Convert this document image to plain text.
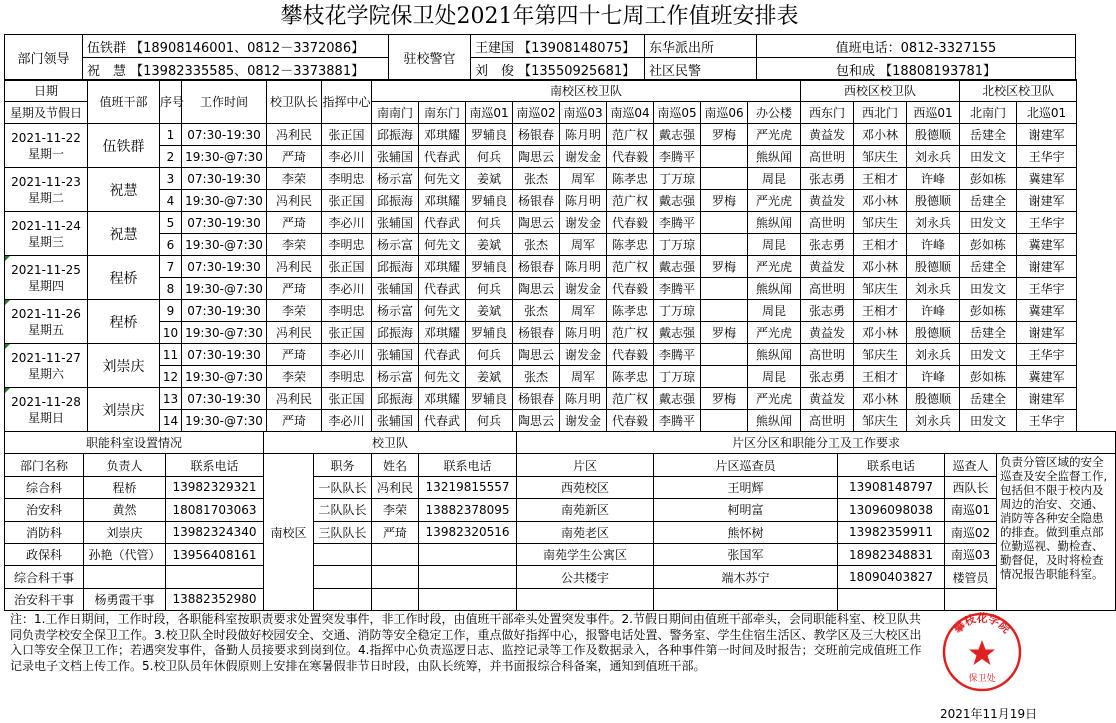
攀枝花学院保卫处2021年第四十七周工作值班安排表
部门领导	伍铁群 【18908146001、0812－3372086】	驻校警官	王建国 【13908148075】	东华派出所	值班电话：0812-3327155
	祝　慧 【13982335585、0812－3373881】		刘　俊 【13550925681】	社区民警	包和成 【18808193781】
日期	值班干部	序号	工作时间	校卫队长	指挥中心	南校区校卫队									西校区校卫队			北校区校卫队	
星期及节假日						南南门	南东门	南巡01	南巡02	南巡03	南巡04	南巡05	南巡06	办公楼	西东门	西北门	西巡01	北南门	北巡01
2021-11-22
星期一	伍铁群	1	07:30-19:30	冯利民	张正国	邱振海	邓琪耀	罗辅良	杨银春	陈月明	范广权	戴志强	罗梅	严光虎	黄益发	邓小林	殷德顺	岳建全	谢建军
		2	19:30-@7:30	严琦	李必川	张辅国	代春武	何兵	陶思云	谢发金	代春毅	李腾平		熊纵闻	高世明	邹庆生	刘永兵	田发文	王华宇
2021-11-23
星期二	祝慧	3	07:30-19:30	李荣	李明忠	杨示富	何先文	姜斌	张杰	周军	陈孝忠	丁万琼		周昆	张志勇	王相才	许峰	彭如栋	冀建军
		4	19:30-@7:30	冯利民	张正国	邱振海	邓琪耀	罗辅良	杨银春	陈月明	范广权	戴志强	罗梅	严光虎	黄益发	邓小林	殷德顺	岳建全	谢建军
2021-11-24
星期三	祝慧	5	07:30-19:30	严琦	李必川	张辅国	代春武	何兵	陶思云	谢发金	代春毅	李腾平		熊纵闻	高世明	邹庆生	刘永兵	田发文	王华宇
		6	19:30-@7:30	李荣	李明忠	杨示富	何先文	姜斌	张杰	周军	陈孝忠	丁万琼		周昆	张志勇	王相才	许峰	彭如栋	冀建军

2021-11-25
星期四	程桥	7	07:30-19:30	冯利民	张正国	邱振海	邓琪耀	罗辅良	杨银春	陈月明	范广权	戴志强	罗梅	严光虎	黄益发	邓小林	殷德顺	岳建全	谢建军
		8	19:30-@7:30	严琦	李必川	张辅国	代春武	何兵	陶思云	谢发金	代春毅	李腾平		熊纵闻	高世明	邹庆生	刘永兵	田发文	王华宇

2021-11-26
星期五	程桥	9	07:30-19:30	李荣	李明忠	杨示富	何先文	姜斌	张杰	周军	陈孝忠	丁万琼		周昆	张志勇	王相才	许峰	彭如栋	冀建军
		10	19:30-@7:30	冯利民	张正国	邱振海	邓琪耀	罗辅良	杨银春	陈月明	范广权	戴志强	罗梅	严光虎	黄益发	邓小林	殷德顺	岳建全	谢建军

2021-11-27
星期六	刘崇庆	11	07:30-19:30	严琦	李必川	张辅国	代春武	何兵	陶思云	谢发金	代春毅	李腾平		熊纵闻	高世明	邹庆生	刘永兵	田发文	王华宇
		12	19:30-@7:30	李荣	李明忠	杨示富	何先文	姜斌	张杰	周军	陈孝忠	丁万琼		周昆	张志勇	王相才	许峰	彭如栋	冀建军

2021-11-28
星期日	刘崇庆	13	07:30-19:30	冯利民	张正国	邱振海	邓琪耀	罗辅良	杨银春	陈月明	范广权	戴志强	罗梅	严光虎	黄益发	邓小林	殷德顺	岳建全	谢建军
		14	19:30-@7:30	严琦	李必川	张辅国	代春武	何兵	陶思云	谢发金	代春毅	李腾平		熊纵闻	高世明	邹庆生	刘永兵	田发文	王华宇
职能科室设置情况			校卫队				片区分区和职能分工及工作要求				
部门名称	负责人	联系电话	南校区	职务	姓名	联系电话	片区	片区巡查员	联系电话	巡查人	负责分管区域的安全巡查及安全监督工作,包括但不限于校内及周边的治安、交通、消防等各种安全隐患的排查。做到重点部位勤巡视、勤检查、勤督促，及时将检查情况报告职能科室。
综合科	程桥	13982329321		一队队长	冯利民	13219815557	西苑校区	王明辉	13908148797	西队长	
治安科	黄然	18081703063		二队队长	李荣	13882378095	南苑新区	柯明富	13096098038	南巡01	
消防科	刘崇庆	13982324340		三队队长	严琦	13982320516	南苑老区	熊怀树	13982359911	南巡02	
政保科	孙艳（代管）	13956408161					南苑学生公寓区	张国军	18982348831	南巡03	
综合科干事							公共楼宇	端木苏宁	18090403827	楼管员	
治安科干事	杨勇霞干事	13882352980									
注：1.工作日期间，工作时段，各职能科室按职责要求处置突发事件，非工作时段，由值班干部牵头处置突发事件。2.节假日期间由值班干部牵头，会同职能科室、校卫队共同负责学校安全保卫工作。3.校卫队全时段做好校园安全、交通、消防等安全稳定工作，重点做好指挥中心，报警电话处置、警务室、学生住宿生活区、教学区及三大校区出入口等安全保卫工作；若遇突发事件，备勤人员接要求到岗到位。4.指挥中心负责巡逻日志、监控记录等工作及数据录入，各种事件第一时间及时报告；交班前完成值班工作记录电子文档上传工作。5.校卫队员年休假原则上安排在寒暑假非节日时段，由队长统筹，并书面报综合科备案，通知到值班干部。
攀枝花学院
保卫处
2021年11月19日
